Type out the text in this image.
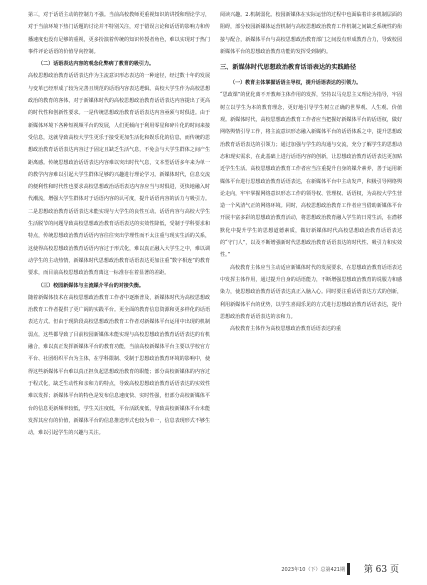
第三，对于话语主动的控制力不强。当前高校教师更重视知识的讲授和理论学习，对于当前环境下热门话题的讨论并不特别关注，对于错误言论和话语的影响力和传播速度也没有足够的重视，更多扮演着传统的知识传授者角色，难以实现对于热门事件评论话语的价值导向控制。

（二）话语表达内容的观念化弊病了教育的吸引力。

高校思想政治教育话语表达作为主流意识形态表达的一种途径，经过数十年的发展与变革已经形成了较为完善且规范的话语内容表达逻辑。高校大学生作为高校思想政治的教育的客体，对于新媒体时代的高校思想政治教育话语表达内容提出了更高的时代性和创新性要求。一是传统思想政治教育话语表达内容亟须与时俱进。由于新媒体环境下各种短视频平台的发展，人们更倾向于利用零星和碎片化的时间来接受信息，这就导致高校大学生更乐于接受更加生活化和娱乐化的信息，而传统的思想政治教育话语表达内容过于固定且缺乏生活气息，不免会与大学生群体之间产生距离感。传统思想政治话语表达内容难以突出时代气息，文本型话语多年来为单一的教学内容难以引起大学生群体足够的兴趣进行理论学习。新媒体时代，信息交流的便利性和时代性也要求高校思想政治话语表达内容应当与时俱进，更快地融入时代潮流，增强大学生群体对于话语内容的认可度，提升话语内容的活力与吸引力。二是思想政治教育话语表达未能实现与大学生的良性互动。话语内容与高校大学生生活脱节的问题导致高校思想政治教育话语表达的实效性降低，受制于学科要求和特点，传统思想政治教育话语内容往往突出学理性而不太注重与现实生活的关系，这使得高校思想政治教育话语内容过于形式化，难以真正融入大学生之中，难以调动学生的主动热情，新媒体时代思想政治教育话语表达更加注重“数字相连”的教育要求，而目前高校思想政治教育离这一标准存在着显著的差距。

（三）校园新媒体与主流媒介平台的对接失衡。

随着新媒体技术在高校思想政治教育工作者中逐渐普及，新媒体时代为高校思想政治教育工作者提供了更广阔的实践平台。更全面的教育信息资源和更多样化的话语表达方式。但由于现阶段高校思想政治教育工作者对新媒体平台运用中出现的机制弱点，这些都导致了目前校园新媒体未能实现与高校思想政治教育话语表达的有机融合，难以真正发挥新媒体平台的教育功能，当前高校新媒体平台主要以学校官方平台、社团组织平台为主体，在学科限制、受制于思想政治教育环境的影响中，使得这些新媒体平台难以真正担负起思想政治教育的职能；部分高校新媒体的内容过于程式化，缺乏生动性和亲和力的特点，导致高校思想政治教育话语表达的实效性难以发挥；新媒体平台的特色是发布信息速度快、实时性强，但部分高校新媒体平台的信息更新频率较低，学生关注度低，平台活跃度低，导致高校新媒体平台未能发挥其应有的价值，新媒体平台的信息推送形式也较为单一，信息表现形式不够生动，难以引起学生的兴趣与关注。

阅读兴趣。2.机制弱化。校园新媒体在实际运营的过程中也面临着许多机制层面的阻碍，部分校园新媒体运营机制与高校思想政治教育工作机制之间缺乏系统性的衔接与配合，新媒体平台与高校思想政治教育部门之间没有形成教育合力，导致校园新媒体平台的思想政治教育功能的发挥受到制约。

三、新媒体时代思想政治教育话语表达的实践路径

（一）教育主体掌握话语主导权，提升话语表达的引领力。

“思政课”的优化离不开教师主体作用的发挥，坚持以马克思主义理论为指导，牢固树立以学生为本的教育理念，更好地引导学生树立正确的世界观、人生观、价值观。新媒体时代，高校思想政治教育工作者应当把握好新媒体平台的话语权，做好网络舆情引导工作，将主流意识形态融入新媒体平台的话语体系之中，提升思想政治教育话语表达的引领力；通过加强与学生的沟通与交流，充分了解学生的思想动态和现实需求，在此基础上进行话语内容的创新，让思想政治教育话语表达更加贴近学生生活。高校思想政治教育工作者应当注重提升自身的媒介素养，善于运用新媒体平台进行思想政治教育话语表达，在新媒体平台中主动发声，积极引导网络舆论走向，牢牢掌握网络意识形态工作的领导权、管理权、话语权，为高校大学生营造一个风清气正的网络环境。同时，高校思想政治教育工作者应当借助新媒体平台开展丰富多彩的思想政治教育活动，将思想政治教育融入学生的日常生活，在潜移默化中提升学生的思想道德素质，做好新媒体时代高校思想政治教育话语表达的“守门人”，以及不断增强新时代思想政治教育话语表达的时代性、吸引力和实效性。”

高校教育主体应当主动适应新媒体时代的发展要求，在思想政治教育话语表达中发挥主体作用，通过提升自身的话语能力，不断增强思想政治教育的说服力和感染力，使思想政治教育话语表达真正入脑入心。同时要注重话语表达方式的创新，利用新媒体平台的优势，以学生喜闻乐见的方式进行思想政治教育话语表达，提升思想政治教育话语表达的亲和力。

高校教育主体作为高校思想政治教育话语表达的重

2023年10（下）总第421期 第 63 页
